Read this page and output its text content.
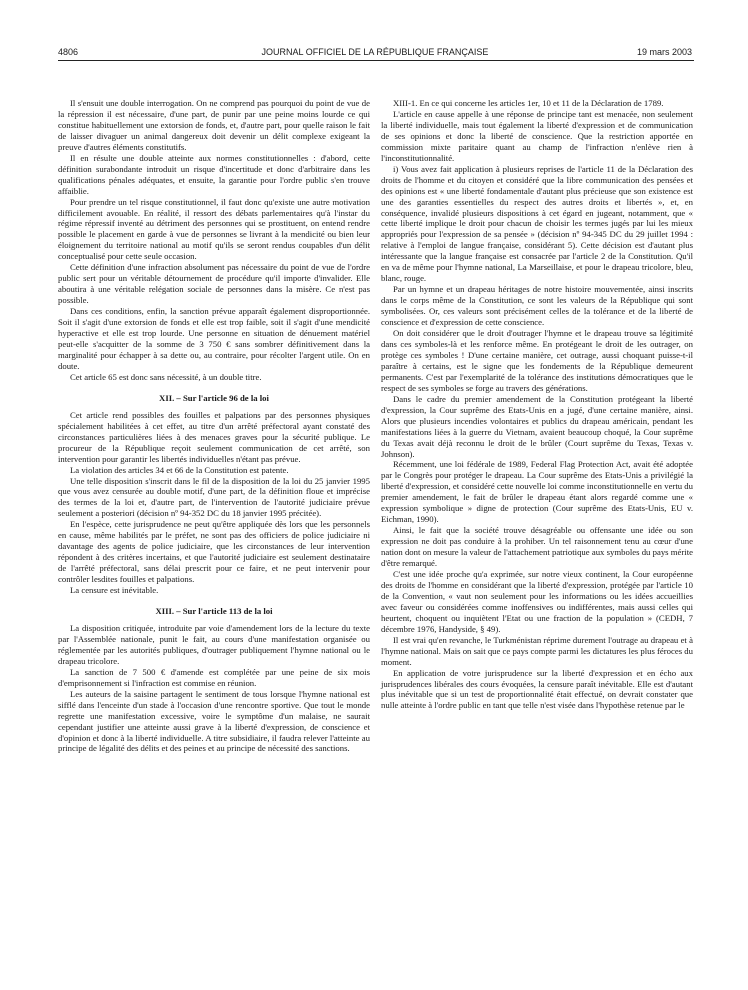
4806	JOURNAL OFFICIEL DE LA RÉPUBLIQUE FRANÇAISE	19 mars 2003

Il s'ensuit une double interrogation. On ne comprend pas pourquoi du point de vue de la répression il est nécessaire, d'une part, de punir par une peine moins lourde ce qui constitue habituellement une extorsion de fonds, et, d'autre part, pour quelle raison le fait de laisser divaguer un animal dangereux doit devenir un délit complexe exigeant la preuve d'autres éléments constitutifs.

Il en résulte une double atteinte aux normes constitutionnelles : d'abord, cette définition surabondante introduit un risque d'incertitude et donc d'arbitraire dans les qualifications pénales adéquates, et ensuite, la garantie pour l'ordre public s'en trouve affaiblie.

Pour prendre un tel risque constitutionnel, il faut donc qu'existe une autre motivation difficilement avouable. En réalité, il ressort des débats parlementaires qu'à l'instar du régime répressif inventé au détriment des personnes qui se prostituent, on entend rendre possible le placement en garde à vue de personnes se livrant à la mendicité ou bien leur éloignement du territoire national au motif qu'ils se seront rendus coupables d'un délit conceptualisé pour cette seule occasion.

Cette définition d'une infraction absolument pas nécessaire du point de vue de l'ordre public sert pour un véritable détournement de procédure qu'il importe d'invalider. Elle aboutira à une véritable relégation sociale de personnes dans la misère. Ce n'est pas possible.

Dans ces conditions, enfin, la sanction prévue apparaît également disproportionnée. Soit il s'agit d'une extorsion de fonds et elle est trop faible, soit il s'agit d'une mendicité hyperactive et elle est trop lourde. Une personne en situation de dénuement matériel peut-elle s'acquitter de la somme de 3 750 € sans sombrer définitivement dans la marginalité pour échapper à sa dette ou, au contraire, pour récolter l'argent utile. On en doute.

Cet article 65 est donc sans nécessité, à un double titre.

XII. – Sur l'article 96 de la loi

Cet article rend possibles des fouilles et palpations par des personnes physiques spécialement habilitées à cet effet, au titre d'un arrêté préfectoral ayant constaté des circonstances particulières liées à des menaces graves pour la sécurité publique. Le procureur de la République reçoit seulement communication de cet arrêté, son intervention pour garantir les libertés individuelles n'étant pas prévue.

La violation des articles 34 et 66 de la Constitution est patente.

Une telle disposition s'inscrit dans le fil de la disposition de la loi du 25 janvier 1995 que vous avez censurée au double motif, d'une part, de la définition floue et imprécise des termes de la loi et, d'autre part, de l'intervention de l'autorité judiciaire prévue seulement a posteriori (décision nº 94-352 DC du 18 janvier 1995 précitée).

En l'espèce, cette jurisprudence ne peut qu'être appliquée dès lors que les personnels en cause, même habilités par le préfet, ne sont pas des officiers de police judiciaire ni davantage des agents de police judiciaire, que les circonstances de leur intervention répondent à des critères incertains, et que l'autorité judiciaire est seulement destinataire de l'arrêté préfectoral, sans délai prescrit pour ce faire, et ne peut intervenir pour contrôler lesdites fouilles et palpations.

La censure est inévitable.

XIII. – Sur l'article 113 de la loi

La disposition critiquée, introduite par voie d'amendement lors de la lecture du texte par l'Assemblée nationale, punit le fait, au cours d'une manifestation organisée ou réglementée par les autorités publiques, d'outrager publiquement l'hymne national ou le drapeau tricolore.

La sanction de 7 500 € d'amende est complétée par une peine de six mois d'emprisonnement si l'infraction est commise en réunion.

Les auteurs de la saisine partagent le sentiment de tous lorsque l'hymne national est sifflé dans l'enceinte d'un stade à l'occasion d'une rencontre sportive. Que tout le monde regrette une manifestation excessive, voire le symptôme d'un malaise, ne saurait cependant justifier une atteinte aussi grave à la liberté d'expression, de conscience et d'opinion et donc à la liberté individuelle. A titre subsidiaire, il faudra relever l'atteinte au principe de légalité des délits et des peines et au principe de nécessité des sanctions.

XIII-1. En ce qui concerne les articles 1er, 10 et 11 de la Déclaration de 1789.

L'article en cause appelle à une réponse de principe tant est menacée, non seulement la liberté individuelle, mais tout également la liberté d'expression et de communication de ses opinions et donc la liberté de conscience. Que la restriction apportée en commission mixte paritaire quant au champ de l'infraction n'enlève rien à l'inconstitutionnalité.

i) Vous avez fait application à plusieurs reprises de l'article 11 de la Déclaration des droits de l'homme et du citoyen et considéré que la libre communication des pensées et des opinions est « une liberté fondamentale d'autant plus précieuse que son existence est une des garanties essentielles du respect des autres droits et libertés », et, en conséquence, invalidé plusieurs dispositions à cet égard en jugeant, notamment, que « cette liberté implique le droit pour chacun de choisir les termes jugés par lui les mieux appropriés pour l'expression de sa pensée » (décision nº 94-345 DC du 29 juillet 1994 : relative à l'emploi de langue française, considérant 5). Cette décision est d'autant plus intéressante que la langue française est consacrée par l'article 2 de la Constitution. Qu'il en va de même pour l'hymne national, La Marseillaise, et pour le drapeau tricolore, bleu, blanc, rouge.

Par un hymne et un drapeau héritages de notre histoire mouvementée, ainsi inscrits dans le corps même de la Constitution, ce sont les valeurs de la République qui sont symbolisées. Or, ces valeurs sont précisément celles de la tolérance et de la liberté de conscience et d'expression de cette conscience.

On doit considérer que le droit d'outrager l'hymne et le drapeau trouve sa légitimité dans ces symboles-là et les renforce même. En protégeant le droit de les outrager, on protège ces symboles ! D'une certaine manière, cet outrage, aussi choquant puisse-t-il paraître à certains, est le signe que les fondements de la République demeurent permanents. C'est par l'exemplarité de la tolérance des institutions démocratiques que le respect de ses symboles se forge au travers des générations.

Dans le cadre du premier amendement de la Constitution protégeant la liberté d'expression, la Cour suprême des Etats-Unis en a jugé, d'une certaine manière, ainsi. Alors que plusieurs incendies volontaires et publics du drapeau américain, pendant les manifestations liées à la guerre du Vietnam, avaient beaucoup choqué, la Cour suprême du Texas avait déjà reconnu le droit de le brûler (Court suprême du Texas, Texas v. Johnson).

Récemment, une loi fédérale de 1989, Federal Flag Protection Act, avait été adoptée par le Congrès pour protéger le drapeau. La Cour suprême des Etats-Unis a privilégié la liberté d'expression, et considéré cette nouvelle loi comme inconstitutionnelle en vertu du premier amendement, le fait de brûler le drapeau étant alors regardé comme une « expression symbolique » digne de protection (Cour suprême des Etats-Unis, EU v. Eichman, 1990).

Ainsi, le fait que la société trouve désagréable ou offensante une idée ou son expression ne doit pas conduire à la prohiber. Un tel raisonnement tenu au cœur d'une nation dont on mesure la valeur de l'attachement patriotique aux symboles du pays mérite d'être remarqué.

C'est une idée proche qu'a exprimée, sur notre vieux continent, la Cour européenne des droits de l'homme en considérant que la liberté d'expression, protégée par l'article 10 de la Convention, « vaut non seulement pour les informations ou les idées accueillies avec faveur ou considérées comme inoffensives ou indifférentes, mais aussi celles qui heurtent, choquent ou inquiètent l'Etat ou une fraction de la population » (CEDH, 7 décembre 1976, Handyside, § 49).

Il est vrai qu'en revanche, le Turkménistan réprime durement l'outrage au drapeau et à l'hymne national. Mais on sait que ce pays compte parmi les dictatures les plus féroces du moment.

En application de votre jurisprudence sur la liberté d'expression et en écho aux jurisprudences libérales des cours évoquées, la censure paraît inévitable. Elle est d'autant plus inévitable que si un test de proportionnalité était effectué, on devrait constater que nulle atteinte à l'ordre public en tant que telle n'est visée dans l'hypothèse retenue par le
